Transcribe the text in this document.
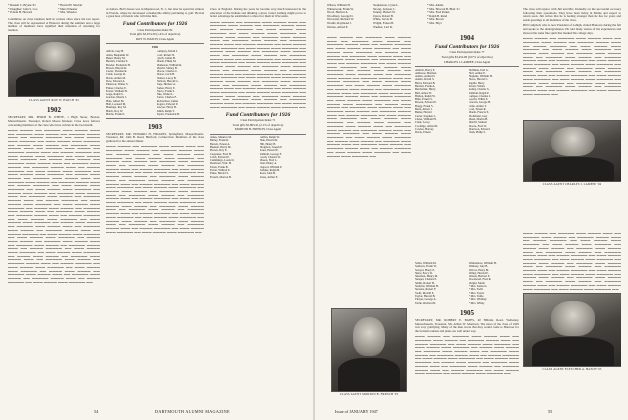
* Russell C. Bryant '01
* Daughter: John S. Coe
* Edwin H. Howard
* Harold H. Sinclair
* Meta Wheeler
* Mrs. Wheeler

Committee on class business held in various cities since the last report. The class will be represented at Hanover during the summer and a large number of members have signified their intention of returning for reunion.

CLASS AGENT ROY W. HATCH '02
1902

SECRETARY, MR. PHILIP B. WHITE, 1 High Street, Boston, Massachusetts. Treasurer, Robert Moore Kinnear. Class news follows concerning members of the class who have written in the last month.

▬▬▬ ▬▬▬▬ ▬▬ ▬▬▬▬▬ ▬▬▬ ▬▬▬▬ ▬▬▬ ▬▬ ▬▬▬▬▬ ▬▬▬ ▬▬▬▬ ▬▬ ▬▬▬▬▬ ▬▬▬▬ ▬▬▬ ▬▬ ▬▬▬▬ ▬▬▬▬▬ ▬▬ ▬▬▬ ▬▬▬▬ ▬▬▬ ▬▬▬▬▬ ▬▬ ▬▬▬ ▬▬▬▬ ▬▬▬ ▬▬▬▬▬ ▬▬ ▬▬▬▬ ▬▬▬ ▬▬▬▬ ▬▬ ▬▬▬▬▬ ▬▬▬ ▬▬▬▬ ▬▬▬ ▬▬ ▬▬▬▬▬ ▬▬▬ ▬▬▬▬ ▬▬ ▬▬▬▬▬ ▬▬▬▬ ▬▬▬ ▬▬ ▬▬▬▬ ▬▬▬▬▬ ▬▬ ▬▬▬ ▬▬▬▬ ▬▬▬ ▬▬▬▬▬ ▬▬ ▬▬▬ ▬▬▬▬ ▬▬▬ ▬▬▬▬▬ ▬▬ ▬▬▬▬ ▬▬▬ ▬▬▬▬ ▬▬ ▬▬▬▬▬ ▬▬▬ ▬▬▬▬ ▬▬▬ ▬▬ ▬▬▬▬▬ ▬▬▬ ▬▬▬▬ ▬▬ ▬▬▬▬▬ ▬▬▬▬ ▬▬▬ ▬▬ ▬▬▬▬ ▬▬▬▬▬ ▬▬ ▬▬▬ ▬▬▬▬ ▬▬▬ ▬▬▬▬▬ ▬▬ ▬▬▬ ▬▬▬▬ ▬▬▬ ▬▬▬▬▬ ▬▬ ▬▬▬▬ ▬▬▬ ▬▬▬▬ ▬▬ ▬▬▬▬▬ ▬▬▬ ▬▬▬▬ ▬▬▬ ▬▬ ▬▬▬▬▬ ▬▬▬ ▬▬▬▬ ▬▬ ▬▬▬▬▬ ▬▬▬▬ ▬▬▬ ▬▬ ▬▬▬▬ ▬▬▬▬▬ ▬▬ ▬▬▬ ▬▬▬▬ ▬▬▬ ▬▬▬▬▬ ▬▬ ▬▬▬ ▬▬▬▬ ▬▬▬ ▬▬▬▬▬ ▬▬ ▬▬▬▬ ▬▬▬ ▬▬▬▬ ▬▬ ▬▬▬▬▬ ▬▬▬ ▬▬▬▬ ▬▬▬ ▬▬ ▬▬▬▬▬ ▬▬▬ ▬▬▬▬ ▬▬ ▬▬▬▬▬ ▬▬▬▬ ▬▬▬ ▬▬ ▬▬▬▬ ▬▬▬▬▬ ▬▬ ▬▬▬ ▬▬▬▬ ▬▬▬ ▬▬▬▬▬ ▬▬ ▬▬▬ ▬▬▬▬ ▬▬▬ ▬▬▬▬▬ ▬▬ ▬▬▬▬ ▬▬▬ ▬▬▬▬ ▬▬ ▬▬▬▬▬ ▬▬▬ ▬▬▬▬ ▬▬▬ ▬▬ ▬▬▬▬▬ ▬▬▬ ▬▬▬▬ ▬▬ ▬▬▬▬▬ ▬▬▬▬ ▬▬▬ ▬▬ ▬▬▬▬ ▬▬▬▬▬ ▬▬ ▬▬▬ ▬▬▬▬ ▬▬▬ ▬▬▬▬▬ ▬▬ ▬▬▬ ▬▬▬▬ ▬▬▬ ▬▬▬▬▬ ▬▬ ▬▬▬▬ ▬▬▬ ▬▬▬▬ ▬▬ ▬▬▬▬▬ ▬▬▬ ▬▬▬▬ ▬▬▬ ▬▬ ▬▬▬▬▬ ▬▬▬ ▬▬▬▬ ▬▬ ▬▬▬▬▬ ▬▬▬▬ ▬▬▬ ▬▬ ▬▬▬▬ ▬▬▬▬▬ ▬▬ ▬▬▬ ▬▬▬▬ ▬▬▬ ▬▬▬▬▬ ▬▬ ▬▬▬ ▬▬▬▬ ▬▬▬ ▬▬▬▬▬ ▬▬ ▬▬▬▬ ▬▬▬ ▬▬▬▬ ▬▬ ▬▬▬▬▬ ▬▬▬ ▬▬▬▬ ▬▬▬ ▬▬ ▬▬▬▬▬ ▬▬▬ ▬▬▬▬ ▬▬ ▬▬▬▬▬ ▬▬▬▬ ▬▬▬ ▬▬ ▬▬▬▬ ▬▬▬▬▬ ▬▬ ▬▬▬ ▬▬▬▬ ▬▬▬ ▬▬▬▬▬ ▬▬ ▬▬▬ ▬▬▬▬ ▬▬▬ ▬▬▬▬▬ ▬▬ ▬▬▬▬ ▬▬▬ ▬▬▬▬ ▬▬ ▬▬▬▬▬ ▬▬▬ ▬▬▬▬ ▬▬▬ ▬▬ ▬▬▬▬▬ ▬▬▬ ▬▬▬▬ ▬▬ ▬▬▬▬▬ ▬▬▬▬ ▬▬▬ ▬▬ ▬▬▬▬ ▬▬▬▬▬ ▬▬ ▬▬▬ ▬▬▬▬ ▬▬▬ ▬▬▬▬▬ ▬▬ ▬▬▬ ▬▬▬▬ ▬▬▬ ▬▬▬▬▬ ▬▬ ▬▬▬▬ ▬▬▬ ▬▬▬▬ ▬▬ ▬▬▬▬▬ ▬▬▬ ▬▬▬▬ ▬▬▬ ▬▬ ▬▬▬▬▬ ▬▬▬ ▬▬▬▬ ▬▬ ▬▬▬▬▬ ▬▬▬▬ ▬▬▬ ▬▬ ▬▬▬▬ ▬▬▬▬▬ ▬▬ ▬▬▬ ▬▬▬▬ ▬▬▬ ▬▬▬▬▬ ▬▬

of dollars. Bob's house was in Maplewood, N. J., but later he spent his winters in Florida, where he developed considerable ability pertaining to golf. He had a great host of friends who will miss him.

Fund Contributors for 1926
Class Participation Index 82
Total gifts $3,674.30 (1.4% of objective)
ROY W. HATCH, Class Agent
1902
Abbott, Guy H.
Allen, Benjamin W.
Baker, Henry M.
Bartlett, Charles E.
Bowler, Frederick H.
Brown, Harold R.
Carter, Thomas R.
Clark, George D.
Davis, Arthur M.
Dow, Edward A.
Emerson, Walter S.
Fisher, Charles E.
Foster, William H.
Gage, Ralph S.
Gordon, Morris J.
Hale, Albert M.
Hall, Leonard M.
Hastings, Roy M.
Hatch, Roy W.
Hobbs, Frank E.
Lamprey, David I.
Lord, Robert N.
Lynch, James B.
Marsh, Philip M.
Matheson, William R.
Merrill, Sidney B.
Moore, Charles C.
Morse, Cecil H.
Nelson, Leroy B.
Nichols, Harold G.
Page, Herbert A.
Parker, Harry E.
Pierce, Frank S.
Pike, Walter L.
Porter, Charles F.
Richardson, James
Rogers, Edward P.
Sawyer, Harry B.
Smith, Ralph T.
Taylor, Frederick B.
1903

SECRETARY, MR. EDWARD H. HIGGINS, Springfield, Massachusetts. Treasurer, Mr. John B. Reed, Hartford, Connecticut. Members of the class gathered for the annual dinner.

▬▬▬ ▬▬▬▬ ▬▬ ▬▬▬▬▬ ▬▬▬ ▬▬▬▬ ▬▬▬ ▬▬ ▬▬▬▬▬ ▬▬▬ ▬▬▬▬ ▬▬ ▬▬▬▬▬ ▬▬▬▬ ▬▬▬ ▬▬ ▬▬▬▬ ▬▬▬▬▬ ▬▬ ▬▬▬ ▬▬▬▬ ▬▬▬ ▬▬▬▬▬ ▬▬ ▬▬▬ ▬▬▬▬ ▬▬▬ ▬▬▬▬▬ ▬▬ ▬▬▬▬ ▬▬▬ ▬▬▬▬ ▬▬ ▬▬▬▬▬ ▬▬▬ ▬▬▬▬ ▬▬▬ ▬▬ ▬▬▬▬▬ ▬▬▬ ▬▬▬▬ ▬▬ ▬▬▬▬▬ ▬▬▬▬ ▬▬▬ ▬▬ ▬▬▬▬ ▬▬▬▬▬ ▬▬ ▬▬▬ ▬▬▬▬ ▬▬▬ ▬▬▬▬▬ ▬▬ ▬▬▬ ▬▬▬▬ ▬▬▬ ▬▬▬▬▬ ▬▬ ▬▬▬▬ ▬▬▬ ▬▬▬▬ ▬▬ ▬▬▬▬▬ ▬▬▬ ▬▬▬▬ ▬▬▬ ▬▬ ▬▬▬▬▬ ▬▬▬ ▬▬▬▬ ▬▬ ▬▬▬▬▬ ▬▬▬▬ ▬▬▬ ▬▬ ▬▬▬▬ ▬▬▬▬▬ ▬▬ ▬▬▬ ▬▬▬▬ ▬▬▬ ▬▬▬▬▬ ▬▬ ▬▬▬ ▬▬▬▬ ▬▬▬ ▬▬▬▬▬ ▬▬ ▬▬▬▬ ▬▬▬ ▬▬▬▬ ▬▬ ▬▬▬▬▬ ▬▬▬ ▬▬▬▬ ▬▬▬ ▬▬ ▬▬▬▬▬ ▬▬▬ ▬▬▬▬ ▬▬ ▬▬▬▬▬ ▬▬▬▬ ▬▬▬ ▬▬ ▬▬▬▬ ▬▬▬▬▬ ▬▬ ▬▬▬ ▬▬▬▬ ▬▬▬ ▬▬▬▬▬ ▬▬ ▬▬▬ ▬▬▬▬ ▬▬▬ ▬▬▬▬▬ ▬▬ ▬▬▬▬ ▬▬▬ ▬▬▬▬ ▬▬ ▬▬▬▬▬ ▬▬▬ ▬▬▬▬ ▬▬▬ ▬▬ ▬▬▬▬▬ ▬▬▬ ▬▬▬▬ ▬▬ ▬▬▬▬▬ ▬▬▬▬ ▬▬▬ ▬▬ ▬▬▬▬ ▬▬▬▬▬ ▬▬ ▬▬▬ ▬▬▬▬ ▬▬▬ ▬▬▬▬▬ ▬▬ ▬▬▬ ▬▬▬▬ ▬▬▬ ▬▬▬▬▬ ▬▬ ▬▬▬▬ ▬▬▬ ▬▬▬▬ ▬▬ ▬▬▬▬▬ ▬▬▬ ▬▬▬▬ ▬▬▬ ▬▬ ▬▬▬▬▬ ▬▬▬ ▬▬▬▬ ▬▬ ▬▬▬▬▬ ▬▬▬▬ ▬▬▬ ▬▬ ▬▬▬▬ ▬▬▬▬▬ ▬▬ ▬▬▬ ▬▬▬▬ ▬▬▬ ▬▬▬▬▬ ▬▬ ▬▬▬ ▬▬▬▬ ▬▬▬ ▬▬▬▬▬ ▬▬

Class of England. During the years he became very much interested in the education of the Indians and thinking a more varied training might prove to better advantage he established a school for them in Wisconsin.

▬▬▬ ▬▬▬▬ ▬▬ ▬▬▬▬▬ ▬▬▬ ▬▬▬▬ ▬▬▬ ▬▬ ▬▬▬▬▬ ▬▬▬ ▬▬▬▬ ▬▬ ▬▬▬▬▬ ▬▬▬▬ ▬▬▬ ▬▬ ▬▬▬▬ ▬▬▬▬▬ ▬▬ ▬▬▬ ▬▬▬▬ ▬▬▬ ▬▬▬▬▬ ▬▬ ▬▬▬ ▬▬▬▬ ▬▬▬ ▬▬▬▬▬ ▬▬ ▬▬▬▬ ▬▬▬ ▬▬▬▬ ▬▬ ▬▬▬▬▬ ▬▬▬ ▬▬▬▬ ▬▬▬ ▬▬ ▬▬▬▬▬ ▬▬▬ ▬▬▬▬ ▬▬ ▬▬▬▬▬ ▬▬▬▬ ▬▬▬ ▬▬ ▬▬▬▬ ▬▬▬▬▬ ▬▬ ▬▬▬ ▬▬▬▬ ▬▬▬ ▬▬▬▬▬ ▬▬ ▬▬▬ ▬▬▬▬ ▬▬▬ ▬▬▬▬▬ ▬▬ ▬▬▬▬ ▬▬▬ ▬▬▬▬ ▬▬ ▬▬▬▬▬ ▬▬▬ ▬▬▬▬ ▬▬▬ ▬▬ ▬▬▬▬▬ ▬▬▬ ▬▬▬▬ ▬▬ ▬▬▬▬▬ ▬▬▬▬ ▬▬▬ ▬▬ ▬▬▬▬ ▬▬▬▬▬ ▬▬ ▬▬▬ ▬▬▬▬ ▬▬▬ ▬▬▬▬▬ ▬▬ ▬▬▬ ▬▬▬▬ ▬▬▬ ▬▬▬▬▬ ▬▬ ▬▬▬▬ ▬▬▬ ▬▬▬▬ ▬▬ ▬▬▬▬▬ ▬▬▬ ▬▬▬▬ ▬▬▬ ▬▬ ▬▬▬▬▬ ▬▬▬ ▬▬▬▬ ▬▬ ▬▬▬▬▬ ▬▬▬▬ ▬▬▬ ▬▬ ▬▬▬▬ ▬▬▬▬▬ ▬▬ ▬▬▬ ▬▬▬▬ ▬▬▬ ▬▬▬▬▬ ▬▬ ▬▬▬ ▬▬▬▬ ▬▬▬ ▬▬▬▬▬ ▬▬ ▬▬▬▬ ▬▬▬ ▬▬▬▬ ▬▬ ▬▬▬▬▬ ▬▬▬ ▬▬▬▬ ▬▬▬ ▬▬ ▬▬▬▬▬ ▬▬▬ ▬▬▬▬ ▬▬ ▬▬▬▬▬ ▬▬▬▬ ▬▬▬ ▬▬ ▬▬▬▬ ▬▬▬▬▬ ▬▬ ▬▬▬ ▬▬▬▬ ▬▬▬ ▬▬▬▬▬ ▬▬ ▬▬▬ ▬▬▬▬ ▬▬▬ ▬▬▬▬▬ ▬▬ ▬▬▬▬ ▬▬▬ ▬▬▬▬ ▬▬ ▬▬▬▬▬ ▬▬▬ ▬▬▬▬ ▬▬▬ ▬▬ ▬▬▬▬▬ ▬▬▬ ▬▬▬▬ ▬▬ ▬▬▬▬▬ ▬▬▬▬ ▬▬▬ ▬▬ ▬▬▬▬ ▬▬▬▬▬ ▬▬ ▬▬▬ ▬▬▬▬ ▬▬▬ ▬▬▬▬▬ ▬▬ ▬▬▬ ▬▬▬▬ ▬▬▬ ▬▬▬▬▬ ▬▬

Fund Contributors for 1926
Class Participation Index 71
Total gifts $5,863.41 (2.1% of objective)
MORTON B. FRENCH, Class Agent
Ames, Maurice M.
Bailey, Frank R.
Barrett, Ernest A.
Bennett, Harry M.
Brown, Roy E.
Carpenter, Fred H.
Cobb, Edward P.
Cummings, Louis D.
Dearborn, Wm. H.
Eaton, Frank B.
Farrar, Wilfred E.
Fiske, Harold S.
French, Morton B.
Griffin, Ralph W.
Hale, Harold D.
Hill, Henry B.
Hodgdon, Joseph P.
Jones, Harold E.
Kimball, George F.
Leach, Charles W.
Mason, Fred L.
Neal, Henry A.
Osgood, William P.
Perkins, Ralph B.
Reed, John B.
Stone, Arthur E.
54	DARTMOUTH ALUMNI MAGAZINE
Wilson, William H.
Winterwerk, Frank W.
Wood, Herbert A.
Woodbury, George D.
Worcester, Richard W.
Woulfe, Raymond J.
Warren, Alfred E.
Stephenson, Cyrus L.
Strong, Jackson C.
Tenney, Hubert W.
Upton, Robert B.
White, Jarvis H.
Wright, Ernest B.
Wueller, Carl R.
* Mrs. Atkins
* Mrs. Howard B. Blair '21
* Mrs. Fred Parker
* Ralph B. Rand
* Mrs. Brown
* Mrs. Hoyt
1904
Fund Contributors for 1926
Class Participation Index 77
Total gifts $3,452.00 (107% of objective)
CHARLES I. LAMPEE, Class Agent
Aldrich, Harry E.
Ambrose, Herman
Austin, Arthur D.
Austin, David S.
Baird, Edward B.
Bartlett, Frank A.
Batchelder, Harry
Bell, Amos W.
Bishop, Ralph W.
Bliss, Ernest S.
Bowen, Edward E.
Bragg, Frank S.
Buck, Albert J.
Butler, Harold
Carter, Stephen L.
Chase, William H.
Clark, Leroy
Coolidge, Alfred D.
Cowles, Harvey
Davis, Ernest
Hoffman, Earl G.
Holt, Arthur E.
Hopkins, William H.
Howe, Harold C.
Ingalls, Harry
Jewett, Walter
Kelley, Charles S.
Kimball, Ralph P.
Lampee, Charles I.
Leavitt, Willis E.
Lincoln, George H.
Little, Arthur T.
Lord, Ernest R.
Marsh, Francis E.
McAllister, Guy
Mead, Martin H.
Merrill, Samuel
Moore, Fred W.
Morrison, Edward
Nash, Philip S.

▬▬▬ ▬▬▬▬ ▬▬ ▬▬▬▬▬ ▬▬▬ ▬▬▬▬ ▬▬▬ ▬▬ ▬▬▬▬▬ ▬▬▬ ▬▬▬▬ ▬▬ ▬▬▬▬▬ ▬▬▬▬ ▬▬▬ ▬▬ ▬▬▬▬ ▬▬▬▬▬ ▬▬ ▬▬▬ ▬▬▬▬ ▬▬▬ ▬▬▬▬▬ ▬▬ ▬▬▬ ▬▬▬▬ ▬▬▬ ▬▬▬▬▬ ▬▬ ▬▬▬▬ ▬▬▬ ▬▬▬▬ ▬▬ ▬▬▬▬▬ ▬▬▬ ▬▬▬▬ ▬▬▬ ▬▬ ▬▬▬▬▬ ▬▬▬ ▬▬▬▬ ▬▬ ▬▬▬▬▬ ▬▬▬▬ ▬▬▬ ▬▬ ▬▬▬▬ ▬▬▬▬▬ ▬▬ ▬▬▬ ▬▬▬▬ ▬▬▬ ▬▬▬▬▬ ▬▬ ▬▬▬ ▬▬▬▬ ▬▬▬ ▬▬▬▬▬ ▬▬ ▬▬▬▬ ▬▬▬ ▬▬▬▬ ▬▬ ▬▬▬▬▬ ▬▬▬ ▬▬▬▬ ▬▬▬ ▬▬ ▬▬▬▬▬ ▬▬▬ ▬▬▬▬ ▬▬ ▬▬▬▬▬ ▬▬▬▬ ▬▬▬ ▬▬ ▬▬▬▬ ▬▬▬▬▬ ▬▬ ▬▬▬ ▬▬▬▬ ▬▬▬ ▬▬▬▬▬ ▬▬ ▬▬▬ ▬▬▬▬ ▬▬▬ ▬▬▬▬▬ ▬▬ ▬▬▬▬ ▬▬▬ ▬▬▬▬ ▬▬ ▬▬▬▬▬ ▬▬▬ ▬▬▬▬ ▬▬▬ ▬▬ ▬▬▬▬▬ ▬▬▬ ▬▬▬▬ ▬▬ ▬▬▬▬▬ ▬▬▬▬ ▬▬▬ ▬▬ ▬▬▬▬ ▬▬▬▬▬ ▬▬ ▬▬▬ ▬▬▬▬ ▬▬▬ ▬▬▬▬▬ ▬▬ ▬▬▬ ▬▬▬▬ ▬▬▬ ▬▬▬▬▬ ▬▬ ▬▬▬▬ ▬▬▬ ▬▬▬▬ ▬▬ ▬▬▬▬▬ ▬▬▬ ▬▬▬▬ ▬▬▬ ▬▬ ▬▬▬▬▬ ▬▬▬ ▬▬▬▬ ▬▬ ▬▬▬▬▬ ▬▬▬▬ ▬▬▬ ▬▬ ▬▬▬▬ ▬▬▬▬▬ ▬▬ ▬▬▬ ▬▬▬▬ ▬▬▬ ▬▬▬▬▬ ▬▬ ▬▬▬ ▬▬▬▬ ▬▬▬ ▬▬▬▬▬ ▬▬ ▬▬▬▬ ▬▬▬ ▬▬▬▬ ▬▬ ▬▬▬▬▬ ▬▬▬ ▬▬▬▬ ▬▬▬ ▬▬ ▬▬▬▬▬ ▬▬▬ ▬▬▬▬ ▬▬ ▬▬▬▬▬ ▬▬▬▬ ▬▬▬ ▬▬ ▬▬▬▬ ▬▬▬▬▬ ▬▬ ▬▬▬ ▬▬▬▬ ▬▬▬ ▬▬▬▬▬ ▬▬ ▬▬▬ ▬▬▬▬ ▬▬▬ ▬▬▬▬▬ ▬▬ ▬▬▬▬ ▬▬▬ ▬▬▬▬ ▬▬ ▬▬▬▬▬ ▬▬▬ ▬▬▬▬ ▬▬▬ ▬▬ ▬▬▬▬▬ ▬▬▬ ▬▬▬▬ ▬▬ ▬▬▬▬▬ ▬▬▬▬ ▬▬▬ ▬▬ ▬▬▬▬ ▬▬▬▬▬ ▬▬ ▬▬▬ ▬▬▬▬ ▬▬▬ ▬▬▬▬▬ ▬▬ ▬▬▬ ▬▬▬▬ ▬▬▬ ▬▬▬▬▬ ▬▬

CLASS AGENT MORTON B. FRENCH '03
CLASS AGENT CHARLES I. LAMPEE '04
Sabin, William M.
Sanborn, Frank W.
Sawyer, Harry E.
Shaw, Percy R.
Sherman, Henry M.
Sleeper, Charles E.
Smith, Robert B.
Starbird, William H.
Stevens, Robert F.
Swift, Morrill E.
Taylor, Harold B.
Thayer, George A.
Tuttle, Richard D.
Whittemore, William H.
Whitney, Guy B.
Wilcox, Harry M.
Willey, Harold E.
Wilson, Herbert P.
Woodward, Fred R.
Wright, Merle
* Mrs. Sanborn
* Mrs. Swift
* Mrs. Taylor
* Mrs. Tuttle
* Mrs. Whitney
* Mrs. Willey
1905

SECRETARY, MR. ROBERT E. BATES, 40 Hillside Road, Wellesley, Massachusetts. Treasurer, Mr. Arthur W. Morrison. The news of the class of 1905 was very gratifying. Many of the men wrote that they would come to Hanover for the fortieth reunion and plans are well under way.

▬▬▬ ▬▬▬▬ ▬▬ ▬▬▬▬▬ ▬▬▬ ▬▬▬▬ ▬▬▬ ▬▬ ▬▬▬▬▬ ▬▬▬ ▬▬▬▬ ▬▬ ▬▬▬▬▬ ▬▬▬▬ ▬▬▬ ▬▬ ▬▬▬▬ ▬▬▬▬▬ ▬▬ ▬▬▬ ▬▬▬▬ ▬▬▬ ▬▬▬▬▬ ▬▬ ▬▬▬ ▬▬▬▬ ▬▬▬ ▬▬▬▬▬ ▬▬ ▬▬▬▬ ▬▬▬ ▬▬▬▬ ▬▬ ▬▬▬▬▬ ▬▬▬ ▬▬▬▬ ▬▬▬ ▬▬ ▬▬▬▬▬ ▬▬▬ ▬▬▬▬ ▬▬ ▬▬▬▬▬ ▬▬▬▬ ▬▬▬ ▬▬ ▬▬▬▬ ▬▬▬▬▬ ▬▬ ▬▬▬ ▬▬▬▬ ▬▬▬ ▬▬▬▬▬ ▬▬ ▬▬▬ ▬▬▬▬ ▬▬▬ ▬▬▬▬▬ ▬▬ ▬▬▬▬ ▬▬▬ ▬▬▬▬ ▬▬ ▬▬▬▬▬ ▬▬▬ ▬▬▬▬ ▬▬▬ ▬▬ ▬▬▬▬▬ ▬▬▬ ▬▬▬▬ ▬▬ ▬▬▬▬▬ ▬▬▬▬ ▬▬▬ ▬▬ ▬▬▬▬ ▬▬▬▬▬ ▬▬ ▬▬▬ ▬▬▬▬ ▬▬▬ ▬▬▬▬▬ ▬▬ ▬▬▬ ▬▬▬▬ ▬▬▬ ▬▬▬▬▬ ▬▬

The class will rejoice with Jim and Mrs. Donnelly on the successful recovery following their operations. They have been living in Maine and expect to return soon. Jim writes that he is feeling stronger than he has for years and sends greetings to all members of the class.

Bill Campbell, who is now President of Lehigh, visited Hanover during the fall and spoke to the undergraduates. He told many stories of his experiences and showed the same fine spirit that marked his college days.

▬▬▬ ▬▬▬▬ ▬▬ ▬▬▬▬▬ ▬▬▬ ▬▬▬▬ ▬▬▬ ▬▬ ▬▬▬▬▬ ▬▬▬ ▬▬▬▬ ▬▬ ▬▬▬▬▬ ▬▬▬▬ ▬▬▬ ▬▬ ▬▬▬▬ ▬▬▬▬▬ ▬▬ ▬▬▬ ▬▬▬▬ ▬▬▬ ▬▬▬▬▬ ▬▬ ▬▬▬ ▬▬▬▬ ▬▬▬ ▬▬▬▬▬ ▬▬ ▬▬▬▬ ▬▬▬ ▬▬▬▬ ▬▬ ▬▬▬▬▬ ▬▬▬ ▬▬▬▬ ▬▬▬ ▬▬ ▬▬▬▬▬ ▬▬▬ ▬▬▬▬ ▬▬ ▬▬▬▬▬ ▬▬▬▬ ▬▬▬ ▬▬ ▬▬▬▬ ▬▬▬▬▬ ▬▬ ▬▬▬ ▬▬▬▬ ▬▬▬ ▬▬▬▬▬ ▬▬ ▬▬▬ ▬▬▬▬ ▬▬▬ ▬▬▬▬▬ ▬▬ ▬▬▬▬ ▬▬▬ ▬▬▬▬ ▬▬ ▬▬▬▬▬ ▬▬▬ ▬▬▬▬ ▬▬▬ ▬▬ ▬▬▬▬▬ ▬▬▬ ▬▬▬▬ ▬▬ ▬▬▬▬▬ ▬▬▬▬ ▬▬▬ ▬▬ ▬▬▬▬ ▬▬▬▬▬ ▬▬ ▬▬▬ ▬▬▬▬ ▬▬▬ ▬▬▬▬▬ ▬▬ ▬▬▬ ▬▬▬▬ ▬▬▬ ▬▬▬▬▬ ▬▬ ▬▬▬▬ ▬▬▬ ▬▬▬▬ ▬▬ ▬▬▬▬▬ ▬▬▬ ▬▬▬▬ ▬▬▬ ▬▬ ▬▬▬▬▬ ▬▬▬ ▬▬▬▬ ▬▬ ▬▬▬▬▬ ▬▬▬▬ ▬▬▬ ▬▬ ▬▬▬▬ ▬▬▬▬▬ ▬▬ ▬▬▬ ▬▬▬▬ ▬▬▬ ▬▬▬▬▬ ▬▬

▬▬▬ ▬▬▬▬ ▬▬ ▬▬▬▬▬ ▬▬▬ ▬▬▬▬ ▬▬▬ ▬▬ ▬▬▬▬▬ ▬▬▬ ▬▬▬▬ ▬▬ ▬▬▬▬▬ ▬▬▬▬ ▬▬▬ ▬▬ ▬▬▬▬ ▬▬▬▬▬ ▬▬ ▬▬▬ ▬▬▬▬ ▬▬▬ ▬▬▬▬▬ ▬▬ ▬▬▬ ▬▬▬▬ ▬▬▬ ▬▬▬▬▬ ▬▬ ▬▬▬▬ ▬▬▬ ▬▬▬▬ ▬▬ ▬▬▬▬▬ ▬▬▬ ▬▬▬▬ ▬▬▬ ▬▬ ▬▬▬▬▬ ▬▬▬ ▬▬▬▬ ▬▬ ▬▬▬▬▬ ▬▬▬▬ ▬▬▬ ▬▬ ▬▬▬▬ ▬▬▬▬▬ ▬▬ ▬▬▬ ▬▬▬▬ ▬▬▬ ▬▬▬▬▬ ▬▬ ▬▬▬ ▬▬▬▬ ▬▬▬ ▬▬▬▬▬ ▬▬ ▬▬▬▬ ▬▬▬ ▬▬▬▬ ▬▬ ▬▬▬▬▬ ▬▬▬ ▬▬▬▬ ▬▬▬ ▬▬ ▬▬▬▬▬ ▬▬▬ ▬▬▬▬ ▬▬ ▬▬▬▬▬ ▬▬▬▬ ▬▬▬ ▬▬ ▬▬▬▬ ▬▬▬▬▬ ▬▬ ▬▬▬ ▬▬▬▬ ▬▬▬ ▬▬▬▬▬ ▬▬ ▬▬▬ ▬▬▬▬ ▬▬▬ ▬▬▬▬▬ ▬▬ ▬▬▬▬ ▬▬▬ ▬▬▬▬ ▬▬ ▬▬▬▬▬ ▬▬▬ ▬▬▬▬ ▬▬▬ ▬▬ ▬▬▬▬▬ ▬▬▬ ▬▬▬▬ ▬▬ ▬▬▬▬▬ ▬▬▬▬ ▬▬▬ ▬▬ ▬▬▬▬ ▬▬▬▬▬ ▬▬ ▬▬▬ ▬▬▬▬ ▬▬▬ ▬▬▬▬▬ ▬▬ ▬▬▬ ▬▬▬▬ ▬▬▬ ▬▬▬▬▬ ▬▬

CLASS AGENT FLETCHER A. HATCH '05
Issue of JANUARY 1947	55
